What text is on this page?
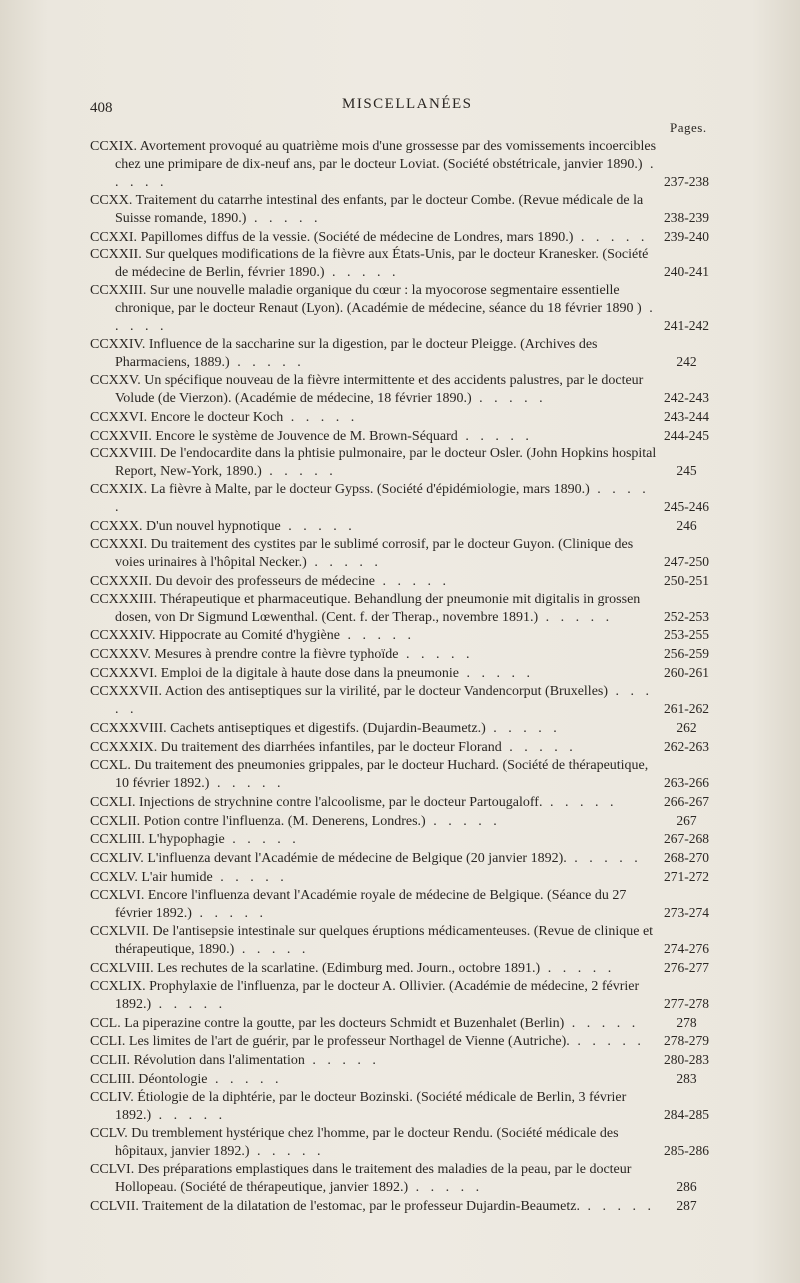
408	MISCELLANÉES
Pages.
CCXIX. Avortement provoqué au quatrième mois d'une grossesse par des vomissements incoercibles chez une primipare de dix-neuf ans, par le docteur Loviat. (Société obstétricale, janvier 1890.) . . . . .	237-238
CCXX. Traitement du catarrhe intestinal des enfants, par le docteur Combe. (Revue médicale de la Suisse romande, 1890.) . . . . .	238-239
CCXXI. Papillomes diffus de la vessie. (Société de médecine de Londres, mars 1890.) . . . . .	239-240
CCXXII. Sur quelques modifications de la fièvre aux États-Unis, par le docteur Kranesker. (Société de médecine de Berlin, février 1890.) . . . . .	240-241
CCXXIII. Sur une nouvelle maladie organique du cœur : la myocorose segmentaire essentielle chronique, par le docteur Renaut (Lyon). (Académie de médecine, séance du 18 février 1890 ) . . . . .	241-242
CCXXIV. Influence de la saccharine sur la digestion, par le docteur Pleigge. (Archives des Pharmaciens, 1889.) . . . . .	242
CCXXV. Un spécifique nouveau de la fièvre intermittente et des accidents palustres, par le docteur Volude (de Vierzon). (Académie de médecine, 18 février 1890.) . . . . .	242-243
CCXXVI. Encore le docteur Koch . . . . .	243-244
CCXXVII. Encore le système de Jouvence de M. Brown-Séquard . . . . .	244-245
CCXXVIII. De l'endocardite dans la phtisie pulmonaire, par le docteur Osler. (John Hopkins hospital Report, New-York, 1890.) . . . . .	245
CCXXIX. La fièvre à Malte, par le docteur Gypss. (Société d'épidémiologie, mars 1890.) . . . . .	245-246
CCXXX. D'un nouvel hypnotique . . . . .	246
CCXXXI. Du traitement des cystites par le sublimé corrosif, par le docteur Guyon. (Clinique des voies urinaires à l'hôpital Necker.) . . . . .	247-250
CCXXXII. Du devoir des professeurs de médecine . . . . .	250-251
CCXXXIII. Thérapeutique et pharmaceutique. Behandlung der pneumonie mit digitalis in grossen dosen, von Dr Sigmund Lœwenthal. (Cent. f. der Therap., novembre 1891.) . . . . .	252-253
CCXXXIV. Hippocrate au Comité d'hygiène . . . . .	253-255
CCXXXV. Mesures à prendre contre la fièvre typhoïde . . . . .	256-259
CCXXXVI. Emploi de la digitale à haute dose dans la pneumonie . . . . .	260-261
CCXXXVII. Action des antiseptiques sur la virilité, par le docteur Vandencorput (Bruxelles) . . . . .	261-262
CCXXXVIII. Cachets antiseptiques et digestifs. (Dujardin-Beaumetz.) . . . . .	262
CCXXXIX. Du traitement des diarrhées infantiles, par le docteur Florand . . . . .	262-263
CCXL. Du traitement des pneumonies grippales, par le docteur Huchard. (Société de thérapeutique, 10 février 1892.) . . . . .	263-266
CCXLI. Injections de strychnine contre l'alcoolisme, par le docteur Partougaloff. . . . . .	266-267
CCXLII. Potion contre l'influenza. (M. Denerens, Londres.) . . . . .	267
CCXLIII. L'hypophagie . . . . .	267-268
CCXLIV. L'influenza devant l'Académie de médecine de Belgique (20 janvier 1892). . . . . .	268-270
CCXLV. L'air humide . . . . .	271-272
CCXLVI. Encore l'influenza devant l'Académie royale de médecine de Belgique. (Séance du 27 février 1892.) . . . . .	273-274
CCXLVII. De l'antisepsie intestinale sur quelques éruptions médicamenteuses. (Revue de clinique et thérapeutique, 1890.) . . . . .	274-276
CCXLVIII. Les rechutes de la scarlatine. (Edimburg med. Journ., octobre 1891.) . . . . .	276-277
CCXLIX. Prophylaxie de l'influenza, par le docteur A. Ollivier. (Académie de médecine, 2 février 1892.) . . . . .	277-278
CCL. La piperazine contre la goutte, par les docteurs Schmidt et Buzenhalet (Berlin) . . . . .	278
CCLI. Les limites de l'art de guérir, par le professeur Northagel de Vienne (Autriche). . . . . .	278-279
CCLII. Révolution dans l'alimentation . . . . .	280-283
CCLIII. Déontologie . . . . .	283
CCLIV. Étiologie de la diphtérie, par le docteur Bozinski. (Société médicale de Berlin, 3 février 1892.) . . . . .	284-285
CCLV. Du tremblement hystérique chez l'homme, par le docteur Rendu. (Société médicale des hôpitaux, janvier 1892.) . . . . .	285-286
CCLVI. Des préparations emplastiques dans le traitement des maladies de la peau, par le docteur Hollopeau. (Société de thérapeutique, janvier 1892.) . . . . .	286
CCLVII. Traitement de la dilatation de l'estomac, par le professeur Dujardin-Beaumetz. . . . . .	287
